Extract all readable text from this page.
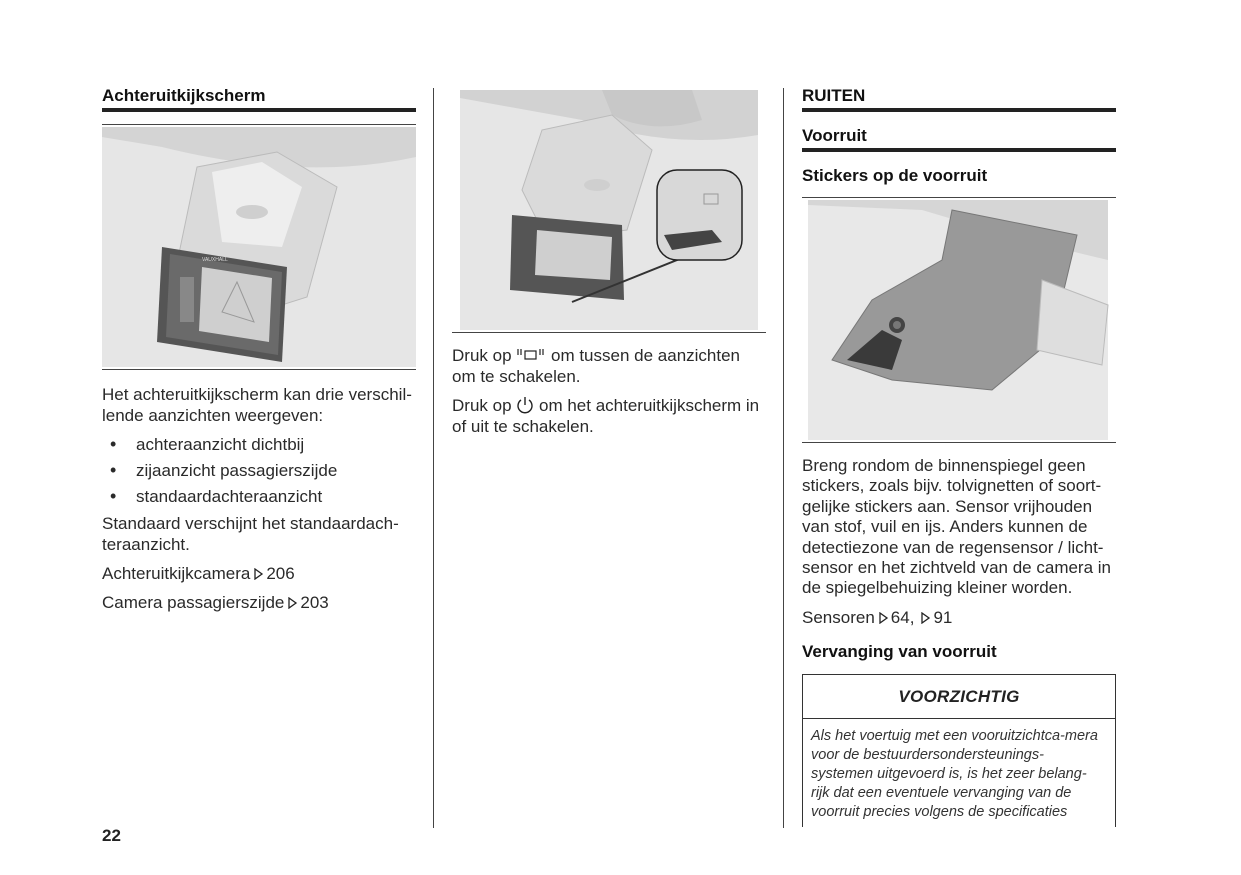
Achteruitkijkscherm
VAUXHALL

Het achteruitkijkscherm kan drie verschil-lende aanzichten weergeven:

• achteraanzicht dichtbij
• zijaanzicht passagierszijde
• standaardachteraanzicht

Standaard verschijnt het standaardach-teraanzicht.

Achteruitkijkcamera 206

Camera passagierszijde 203

Druk op om tussen de aanzichten om te schakelen.

Druk op om het achteruitkijkscherm in of uit te schakelen.

RUITEN
Voorruit
Stickers op de voorruit

Breng rondom de binnenspiegel geen stickers, zoals bijv. tolvignetten of soort-gelijke stickers aan. Sensor vrijhouden van stof, vuil en ijs. Anders kunnen de detectiezone van de regensensor / licht-sensor en het zichtveld van de camera in de spiegelbehuizing kleiner worden.

Sensoren 64, 91

Vervanging van voorruit
VOORZICHTIG
Als het voertuig met een vooruitzichtca-mera voor de bestuurdersondersteunings-systemen uitgevoerd is, is het zeer belang-rijk dat een eventuele vervanging van de voorruit precies volgens de specificaties
22
